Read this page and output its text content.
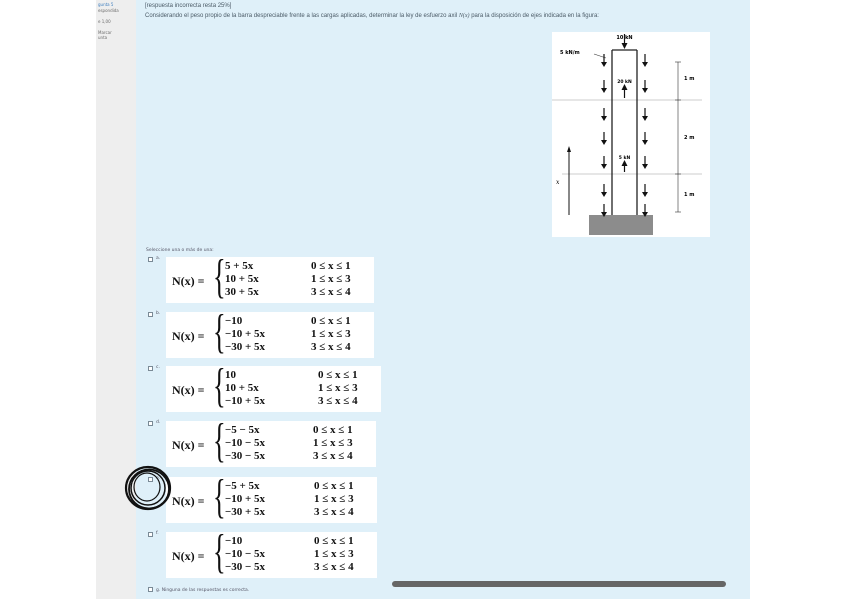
gunta 5
espondida

e 1,00

Marcar
unta
[respuesta incorrecta resta 25%]
Considerando el peso propio de la barra despreciable frente a las cargas aplicadas, determinar la ley de esfuerzo axil N(x) para la disposición de ejes indicada en la figura:
10 kN
5 kN/m
20 kN
5 kN
1 m
2 m
1 m
x
Seleccione una o más de una:
a.
N(x) = { 5 + 5x	0 ≤ x ≤ 1
10 + 5x	1 ≤ x ≤ 3
30 + 5x	3 ≤ x ≤ 4
b.
N(x) = { −10	0 ≤ x ≤ 1
−10 + 5x	1 ≤ x ≤ 3
−30 + 5x	3 ≤ x ≤ 4
c.
N(x) = { 10	0 ≤ x ≤ 1
10 + 5x	1 ≤ x ≤ 3
−10 + 5x	3 ≤ x ≤ 4
d.
N(x) = { −5 − 5x	0 ≤ x ≤ 1
−10 − 5x	1 ≤ x ≤ 3
−30 − 5x	3 ≤ x ≤ 4
e.
N(x) = { −5 + 5x	0 ≤ x ≤ 1
−10 + 5x	1 ≤ x ≤ 3
−30 + 5x	3 ≤ x ≤ 4
f.
N(x) = { −10	0 ≤ x ≤ 1
−10 − 5x	1 ≤ x ≤ 3
−30 − 5x	3 ≤ x ≤ 4
g. Ninguna de las respuestas es correcta.
